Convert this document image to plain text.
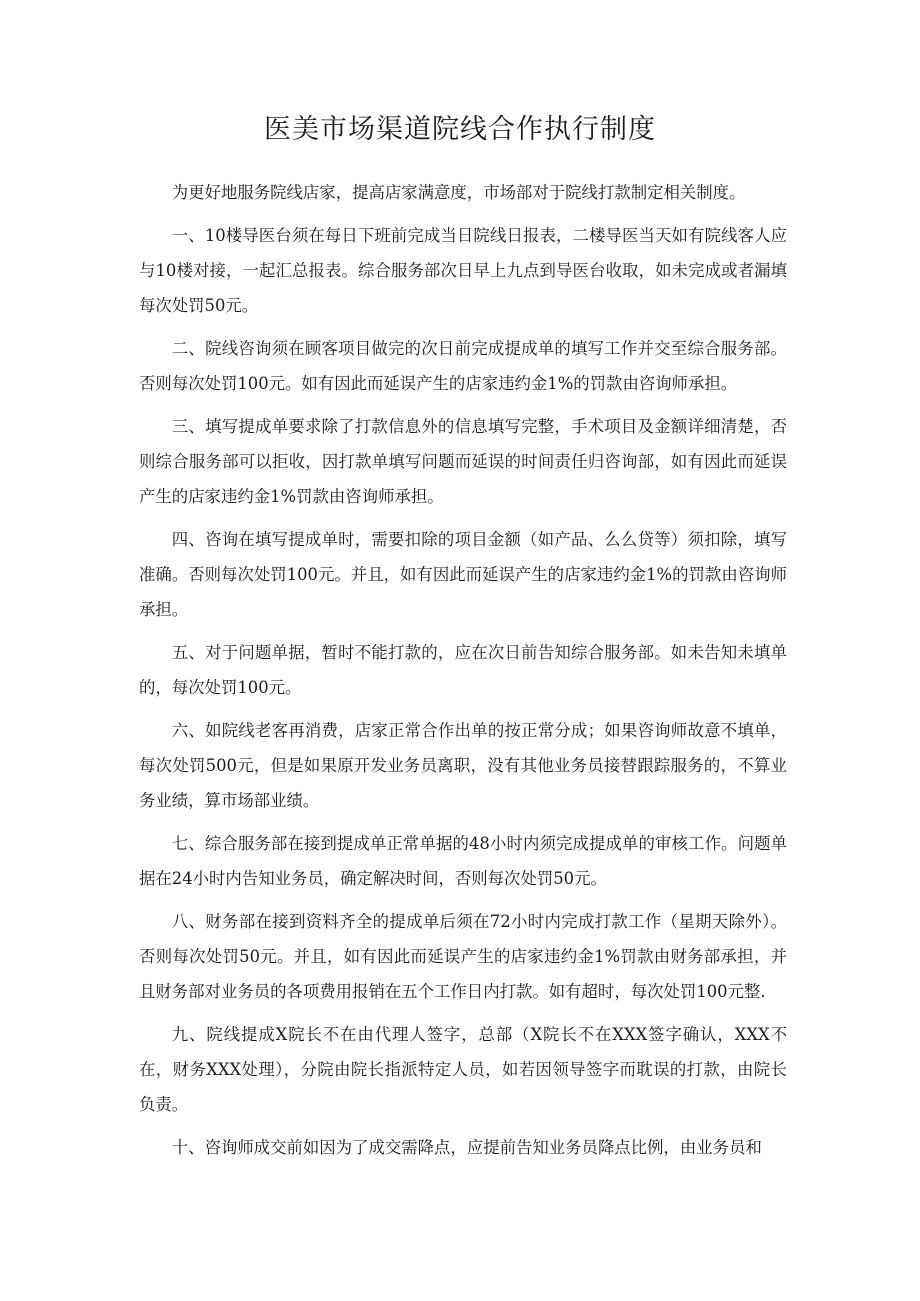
医美市场渠道院线合作执行制度

为更好地服务院线店家，提高店家满意度，市场部对于院线打款制定相关制度。

一、10楼导医台须在每日下班前完成当日院线日报表，二楼导医当天如有院线客人应与10楼对接，一起汇总报表。综合服务部次日早上九点到导医台收取，如未完成或者漏填每次处罚50元。

二、院线咨询须在顾客项目做完的次日前完成提成单的填写工作并交至综合服务部。否则每次处罚100元。如有因此而延误产生的店家违约金1%的罚款由咨询师承担。

三、填写提成单要求除了打款信息外的信息填写完整，手术项目及金额详细清楚，否则综合服务部可以拒收，因打款单填写问题而延误的时间责任归咨询部，如有因此而延误产生的店家违约金1%罚款由咨询师承担。

四、咨询在填写提成单时，需要扣除的项目金额（如产品、么么贷等）须扣除，填写准确。否则每次处罚100元。并且，如有因此而延误产生的店家违约金1%的罚款由咨询师承担。

五、对于问题单据，暂时不能打款的，应在次日前告知综合服务部。如未告知未填单的，每次处罚100元。

六、如院线老客再消费，店家正常合作出单的按正常分成；如果咨询师故意不填单，每次处罚500元，但是如果原开发业务员离职，没有其他业务员接替跟踪服务的，不算业务业绩，算市场部业绩。

七、综合服务部在接到提成单正常单据的48小时内须完成提成单的审核工作。问题单据在24小时内告知业务员，确定解决时间，否则每次处罚50元。

八、财务部在接到资料齐全的提成单后须在72小时内完成打款工作（星期天除外）。否则每次处罚50元。并且，如有因此而延误产生的店家违约金1%罚款由财务部承担，并且财务部对业务员的各项费用报销在五个工作日内打款。如有超时，每次处罚100元整.

九、院线提成X院长不在由代理人签字，总部（X院长不在XXX签字确认，XXX不在，财务XXX处理），分院由院长指派特定人员，如若因领导签字而耽误的打款，由院长负责。

十、咨询师成交前如因为了成交需降点，应提前告知业务员降点比例，由业务员和
